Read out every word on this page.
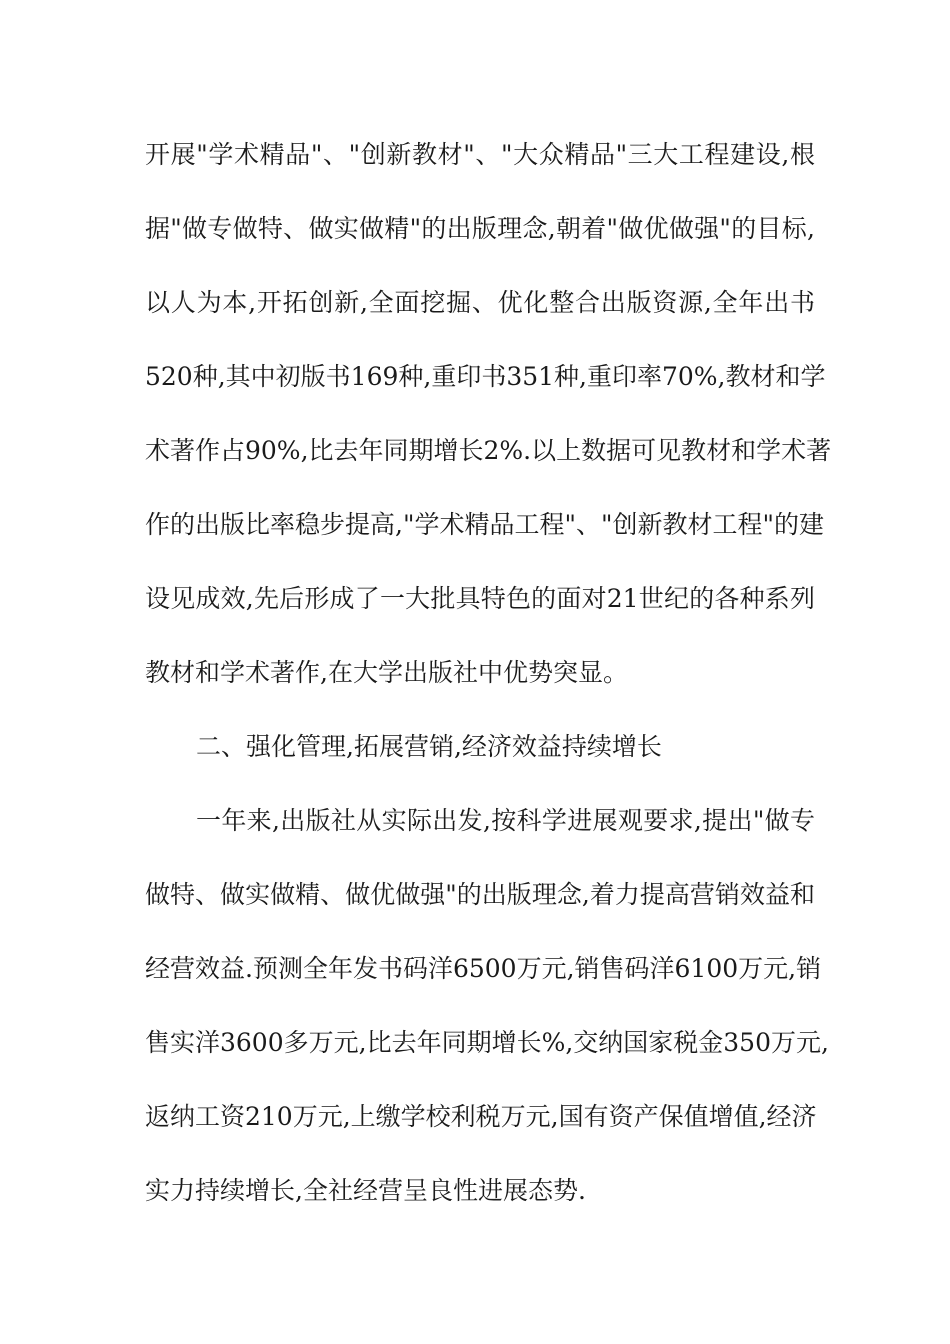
开展"学术精品"、"创新教材"、"大众精品"三大工程建设,根
据"做专做特、做实做精"的出版理念,朝着"做优做强"的目标,
以人为本,开拓创新,全面挖掘、优化整合出版资源,全年出书
520种,其中初版书169种,重印书351种,重印率70%,教材和学
术著作占90%,比去年同期增长2%.以上数据可见教材和学术著
作的出版比率稳步提高,"学术精品工程"、"创新教材工程"的建
设见成效,先后形成了一大批具特色的面对21世纪的各种系列
教材和学术著作,在大学出版社中优势突显。
二、强化管理,拓展营销,经济效益持续增长
一年来,出版社从实际出发,按科学进展观要求,提出"做专
做特、做实做精、做优做强"的出版理念,着力提高营销效益和
经营效益.预测全年发书码洋6500万元,销售码洋6100万元,销
售实洋3600多万元,比去年同期增长%,交纳国家税金350万元,
返纳工资210万元,上缴学校利税万元,国有资产保值增值,经济
实力持续增长,全社经营呈良性进展态势.
